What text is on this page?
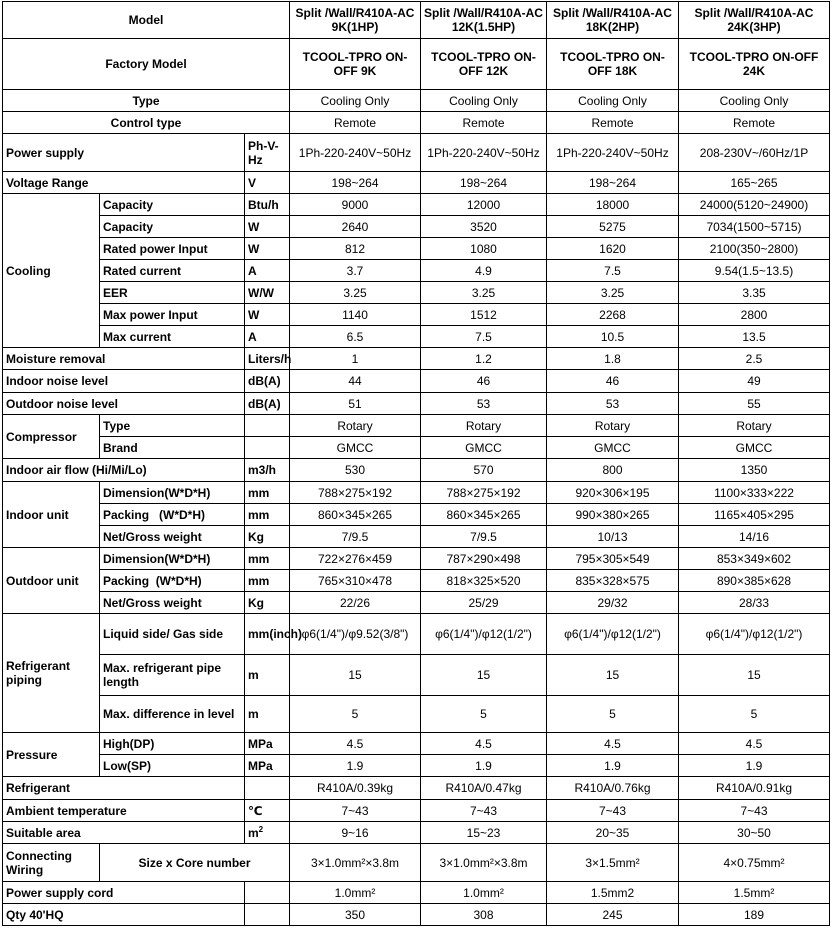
Model			Split /Wall/R410A-AC 9K(1HP)	Split /Wall/R410A-AC 12K(1.5HP)	Split /Wall/R410A-AC 18K(2HP)	Split /Wall/R410A-AC 24K(3HP)
Factory Model			TCOOL-TPRO ON-OFF 9K	TCOOL-TPRO ON-OFF 12K	TCOOL-TPRO ON-OFF 18K	TCOOL-TPRO ON-OFF 24K
Type			Cooling Only	Cooling Only	Cooling Only	Cooling Only
Control type			Remote	Remote	Remote	Remote
Power supply		Ph-V-Hz	1Ph-220-240V~50Hz	1Ph-220-240V~50Hz	1Ph-220-240V~50Hz	208-230V~/60Hz/1P
Voltage Range		V	198~264	198~264	198~264	165~265
Cooling	Capacity	Btu/h	9000	12000	18000	24000(5120~24900)
	Capacity	W	2640	3520	5275	7034(1500~5715)
	Rated power Input	W	812	1080	1620	2100(350~2800)
	Rated current	A	3.7	4.9	7.5	9.54(1.5~13.5)
	EER	W/W	3.25	3.25	3.25	3.35
	Max power Input	W	1140	1512	2268	2800
	Max current	A	6.5	7.5	10.5	13.5
Moisture removal		Liters/h	1	1.2	1.8	2.5
Indoor noise level		dB(A)	44	46	46	49
Outdoor noise level		dB(A)	51	53	53	55
Compressor	Type		Rotary	Rotary	Rotary	Rotary
	Brand		GMCC	GMCC	GMCC	GMCC
Indoor air flow (Hi/Mi/Lo)		m3/h	530	570	800	1350
Indoor unit	Dimension(W*D*H)	mm	788×275×192	788×275×192	920×306×195	1100×333×222
	Packing   (W*D*H)	mm	860×345×265	860×345×265	990×380×265	1165×405×295
	Net/Gross weight	Kg	7/9.5	7/9.5	10/13	14/16
Outdoor unit	Dimension(W*D*H)	mm	722×276×459	787×290×498	795×305×549	853×349×602
	Packing  (W*D*H)	mm	765×310×478	818×325×520	835×328×575	890×385×628
	Net/Gross weight	Kg	22/26	25/29	29/32	28/33
Refrigerant piping	Liquid side/ Gas side	mm(inch)	φ6(1/4")/φ9.52(3/8")	φ6(1/4")/φ12(1/2")	φ6(1/4")/φ12(1/2")	φ6(1/4")/φ12(1/2")
	Max. refrigerant pipe length	m	15	15	15	15
	Max. difference in level	m	5	5	5	5
Pressure	High(DP)	MPa	4.5	4.5	4.5	4.5
	Low(SP)	MPa	1.9	1.9	1.9	1.9
Refrigerant			R410A/0.39kg	R410A/0.47kg	R410A/0.76kg	R410A/0.91kg
Ambient temperature		℃	7~43	7~43	7~43	7~43
Suitable area		$m^2$	9~16	15~23	20~35	30~50
Connecting Wiring	Size x Core number		3×1.0mm²×3.8m	3×1.0mm²×3.8m	3×1.5mm²	4×0.75mm²
Power supply cord			1.0mm²	1.0mm²	1.5mm2	1.5mm²
Qty 40'HQ			350	308	245	189
